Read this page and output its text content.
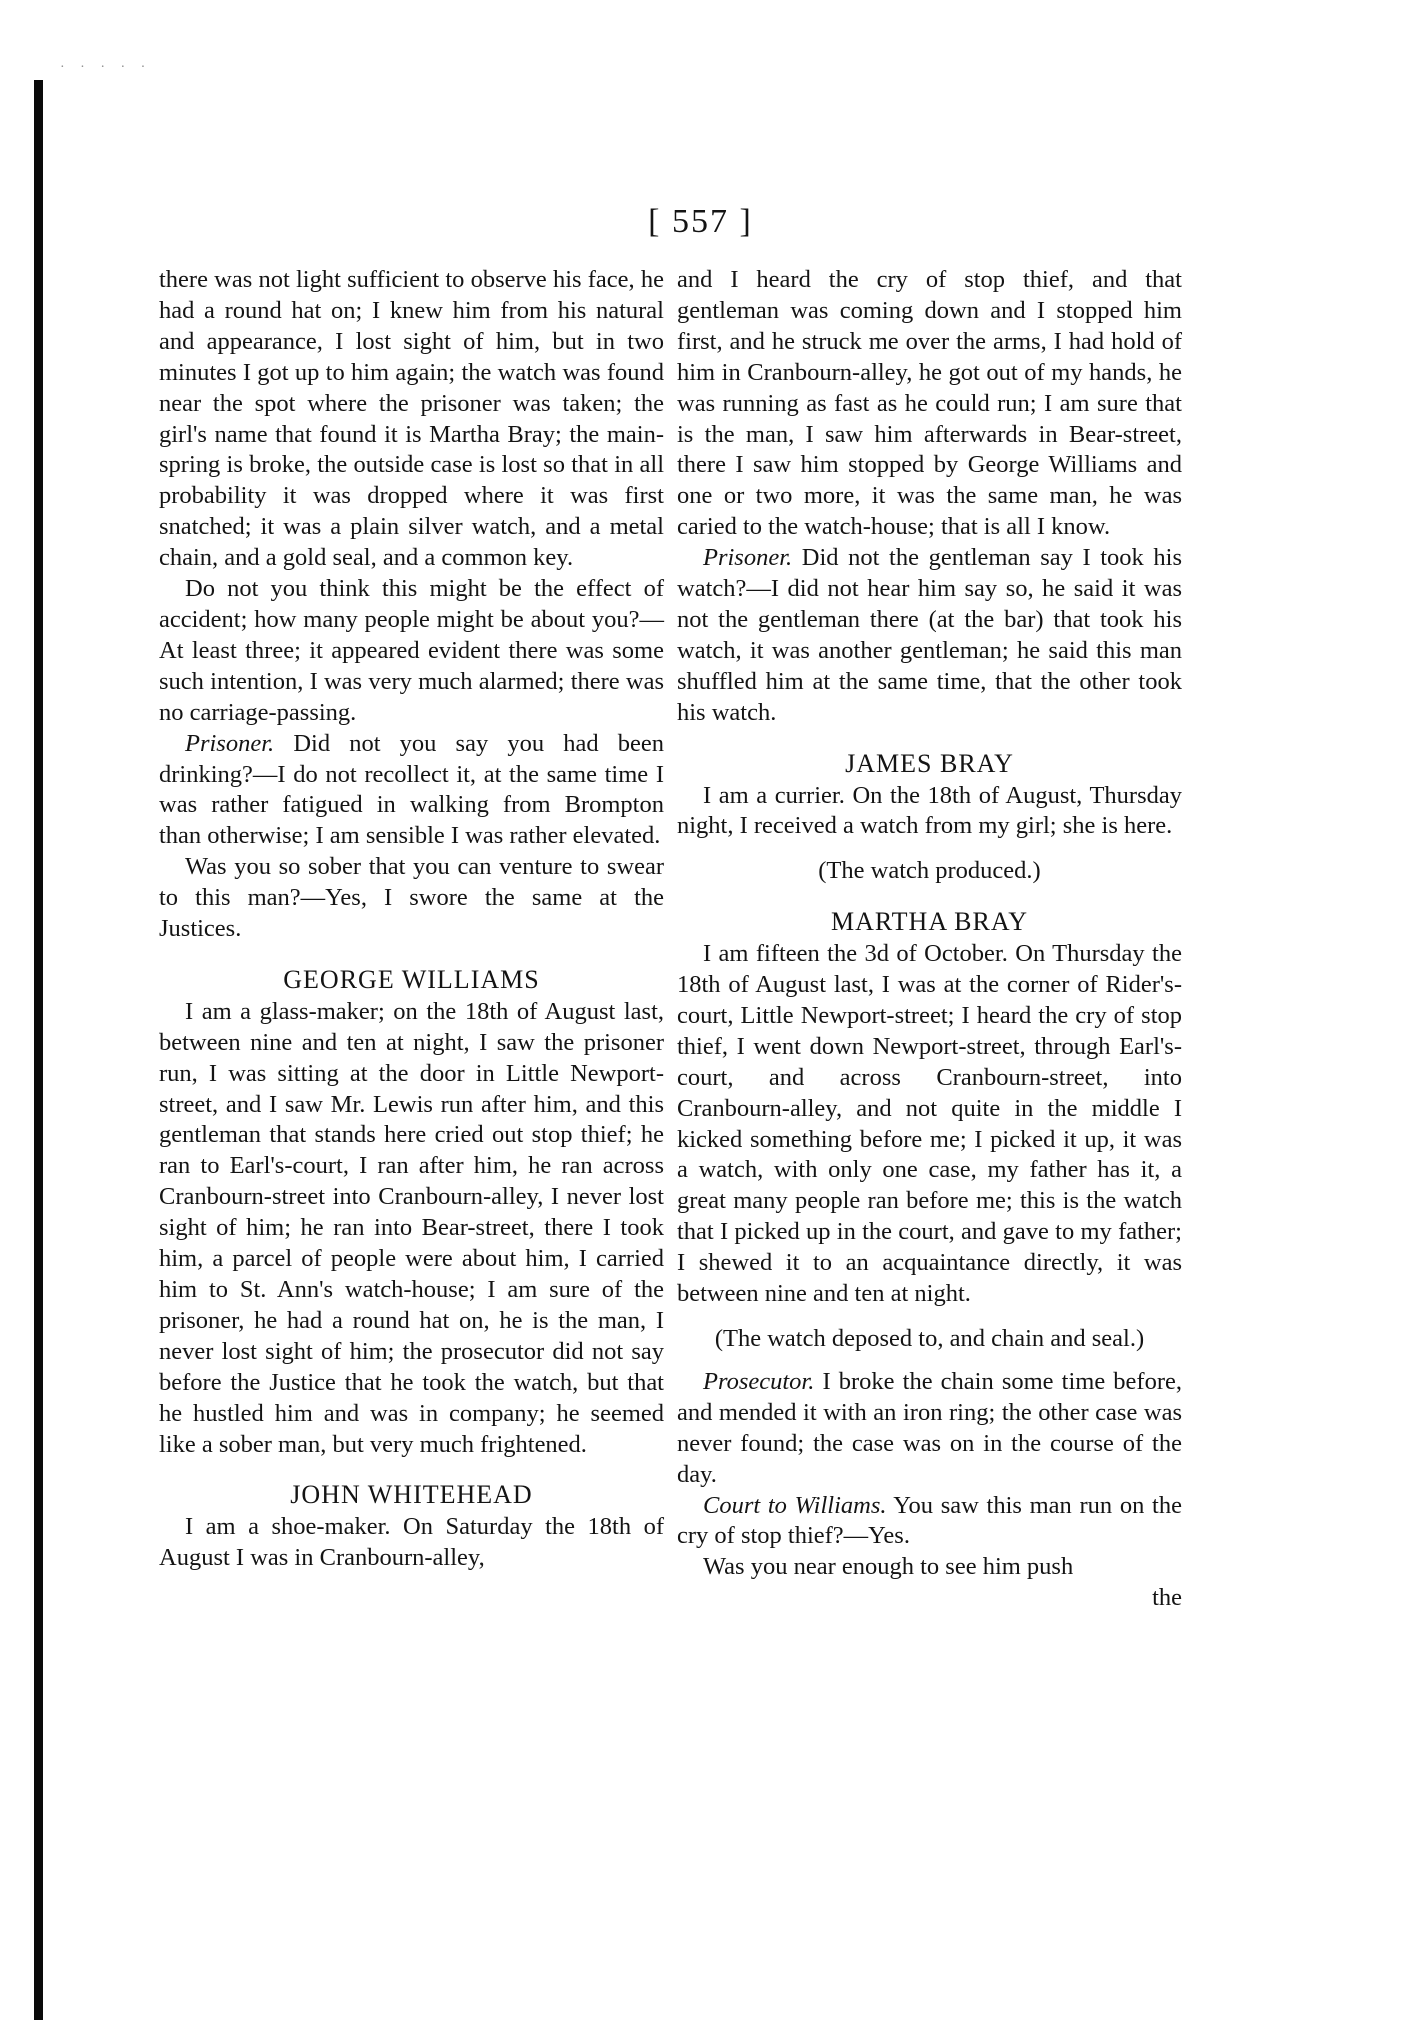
· · · · ·
[ 557 ]

there was not light sufficient to observe his face, he had a round hat on; I knew him from his natural and appearance, I lost sight of him, but in two minutes I got up to him again; the watch was found near the spot where the prisoner was taken; the girl's name that found it is Martha Bray; the main-spring is broke, the outside case is lost so that in all probability it was dropped where it was first snatched; it was a plain silver watch, and a metal chain, and a gold seal, and a common key.

Do not you think this might be the effect of accident; how many people might be about you?—At least three; it appeared evident there was some such intention, I was very much alarmed; there was no carriage-passing.

Prisoner. Did not you say you had been drinking?—I do not recollect it, at the same time I was rather fatigued in walking from Brompton than otherwise; I am sensible I was rather elevated.

Was you so sober that you can venture to swear to this man?—Yes, I swore the same at the Justices.

GEORGE WILLIAMS

I am a glass-maker; on the 18th of August last, between nine and ten at night, I saw the prisoner run, I was sitting at the door in Little Newport-street, and I saw Mr. Lewis run after him, and this gentleman that stands here cried out stop thief; he ran to Earl's-court, I ran after him, he ran across Cranbourn-street into Cranbourn-alley, I never lost sight of him; he ran into Bear-street, there I took him, a parcel of people were about him, I carried him to St. Ann's watch-house; I am sure of the prisoner, he had a round hat on, he is the man, I never lost sight of him; the prosecutor did not say before the Justice that he took the watch, but that he hustled him and was in company; he seemed like a sober man, but very much frightened.

JOHN WHITEHEAD

I am a shoe-maker. On Saturday the 18th of August I was in Cranbourn-alley,

and I heard the cry of stop thief, and that gentleman was coming down and I stopped him first, and he struck me over the arms, I had hold of him in Cranbourn-alley, he got out of my hands, he was running as fast as he could run; I am sure that is the man, I saw him afterwards in Bear-street, there I saw him stopped by George Williams and one or two more, it was the same man, he was caried to the watch-house; that is all I know.

Prisoner. Did not the gentleman say I took his watch?—I did not hear him say so, he said it was not the gentleman there (at the bar) that took his watch, it was another gentleman; he said this man shuffled him at the same time, that the other took his watch.

JAMES BRAY

I am a currier. On the 18th of August, Thursday night, I received a watch from my girl; she is here.

(The watch produced.)

MARTHA BRAY

I am fifteen the 3d of October. On Thursday the 18th of August last, I was at the corner of Rider's-court, Little Newport-street; I heard the cry of stop thief, I went down Newport-street, through Earl's-court, and across Cranbourn-street, into Cranbourn-alley, and not quite in the middle I kicked something before me; I picked it up, it was a watch, with only one case, my father has it, a great many people ran before me; this is the watch that I picked up in the court, and gave to my father; I shewed it to an acquaintance directly, it was between nine and ten at night.

(The watch deposed to, and chain and seal.)

Prosecutor. I broke the chain some time before, and mended it with an iron ring; the other case was never found; the case was on in the course of the day.

Court to Williams. You saw this man run on the cry of stop thief?—Yes.

Was you near enough to see him push

the
